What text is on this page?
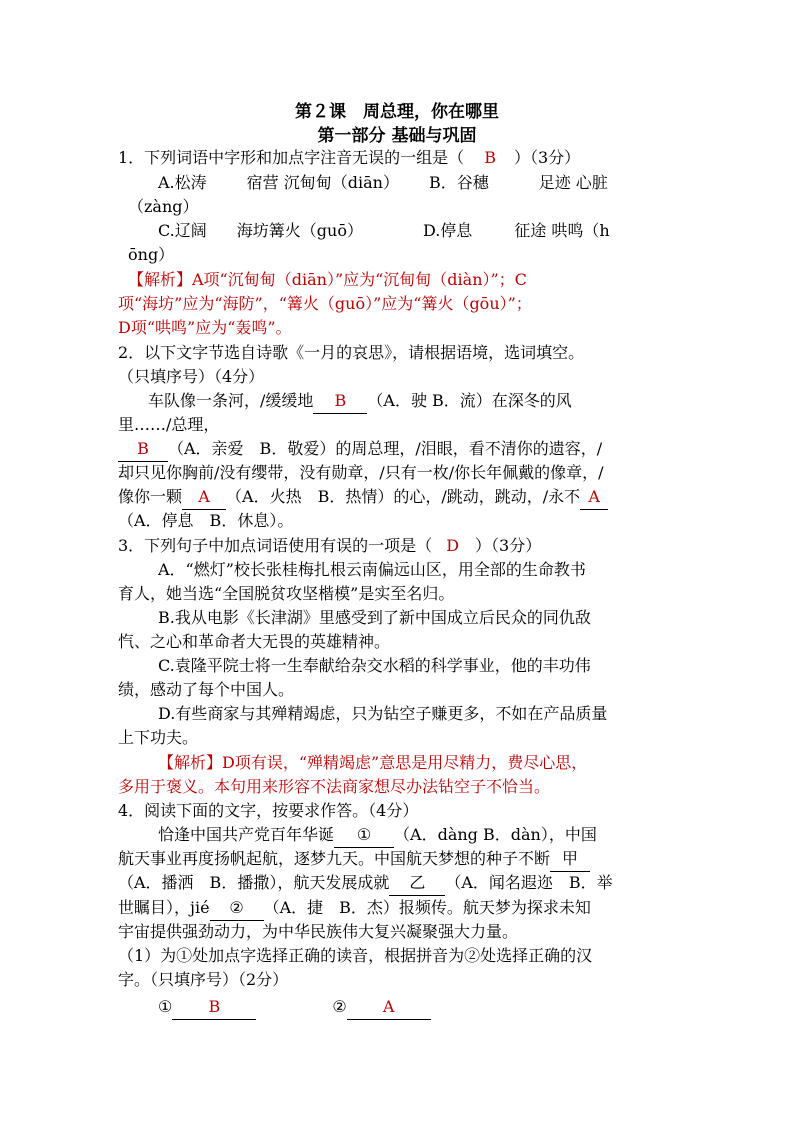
第２课　周总理，你在哪里
第一部分 基础与巩固
1．下列词语中字形和加点字注音无误的一组是（ B ）（3分）
A.松涛	宿营 沉甸甸（diān） B．谷穗	足迹 心脏
（zàng）
C.辽阔 海坊篝火（guō）	D.停息	征途 哄鸣（h
ōng）
【解析】A项“沉甸甸（diān）”应为“沉甸甸（diàn）”；C
项“海坊”应为“海防”，“篝火（guō）”应为“篝火（gōu）”；
D项“哄鸣”应为“轰鸣”。
2．以下文字节选自诗歌《一月的哀思》，请根据语境，选词填空。
（只填序号）（4分）
车队像一条河，/缓缓地 B （A．驶 B．流）在深冬的风
里……/总理，
B （A．亲爱　B．敬爱）的周总理，/泪眼，看不清你的遗容，/
却只见你胸前/没有缨带，没有勋章，/只有一枚/你长年佩戴的像章，/
像你一颗 A （A．火热　B．热情）的心，/跳动，跳动，/永不 A
（A．停息　B．休息）。
3．下列句子中加点词语使用有误的一项是（ D ）（3分）
A．“燃灯”校长张桂梅扎根云南偏远山区，用全部的生命教书
育人，她当选“全国脱贫攻坚楷模”是实至名归。
B.我从电影《长津湖》里感受到了新中国成立后民众的同仇敌
忾、之心和革命者大无畏的英雄精神。
C.袁隆平院士将一生奉献给杂交水稻的科学事业，他的丰功伟
绩，感动了每个中国人。
D.有些商家与其殚精竭虑，只为钻空子赚更多，不如在产品质量
上下功夫。
【解析】D项有误，“殚精竭虑”意思是用尽精力，费尽心思，
多用于褒义。本句用来形容不法商家想尽办法钻空子不恰当。
4．阅读下面的文字，按要求作答。（4分）
恰逢中国共产党百年华诞 ① （A．dàng B．dàn），中国
航天事业再度扬帆起航，逐梦九天。中国航天梦想的种子不断 甲
（A．播洒　B．播撒），航天发展成就 乙 （A．闻名遐迩　B．举
世瞩目），jié ② （A．捷　B．杰）报频传。航天梦为探求未知
宇宙提供强劲动力，为中华民族伟大复兴凝聚强大力量。
（1）为①处加点字选择正确的读音，根据拼音为②处选择正确的汉
字。（只填序号）（2分）
① B	② A
